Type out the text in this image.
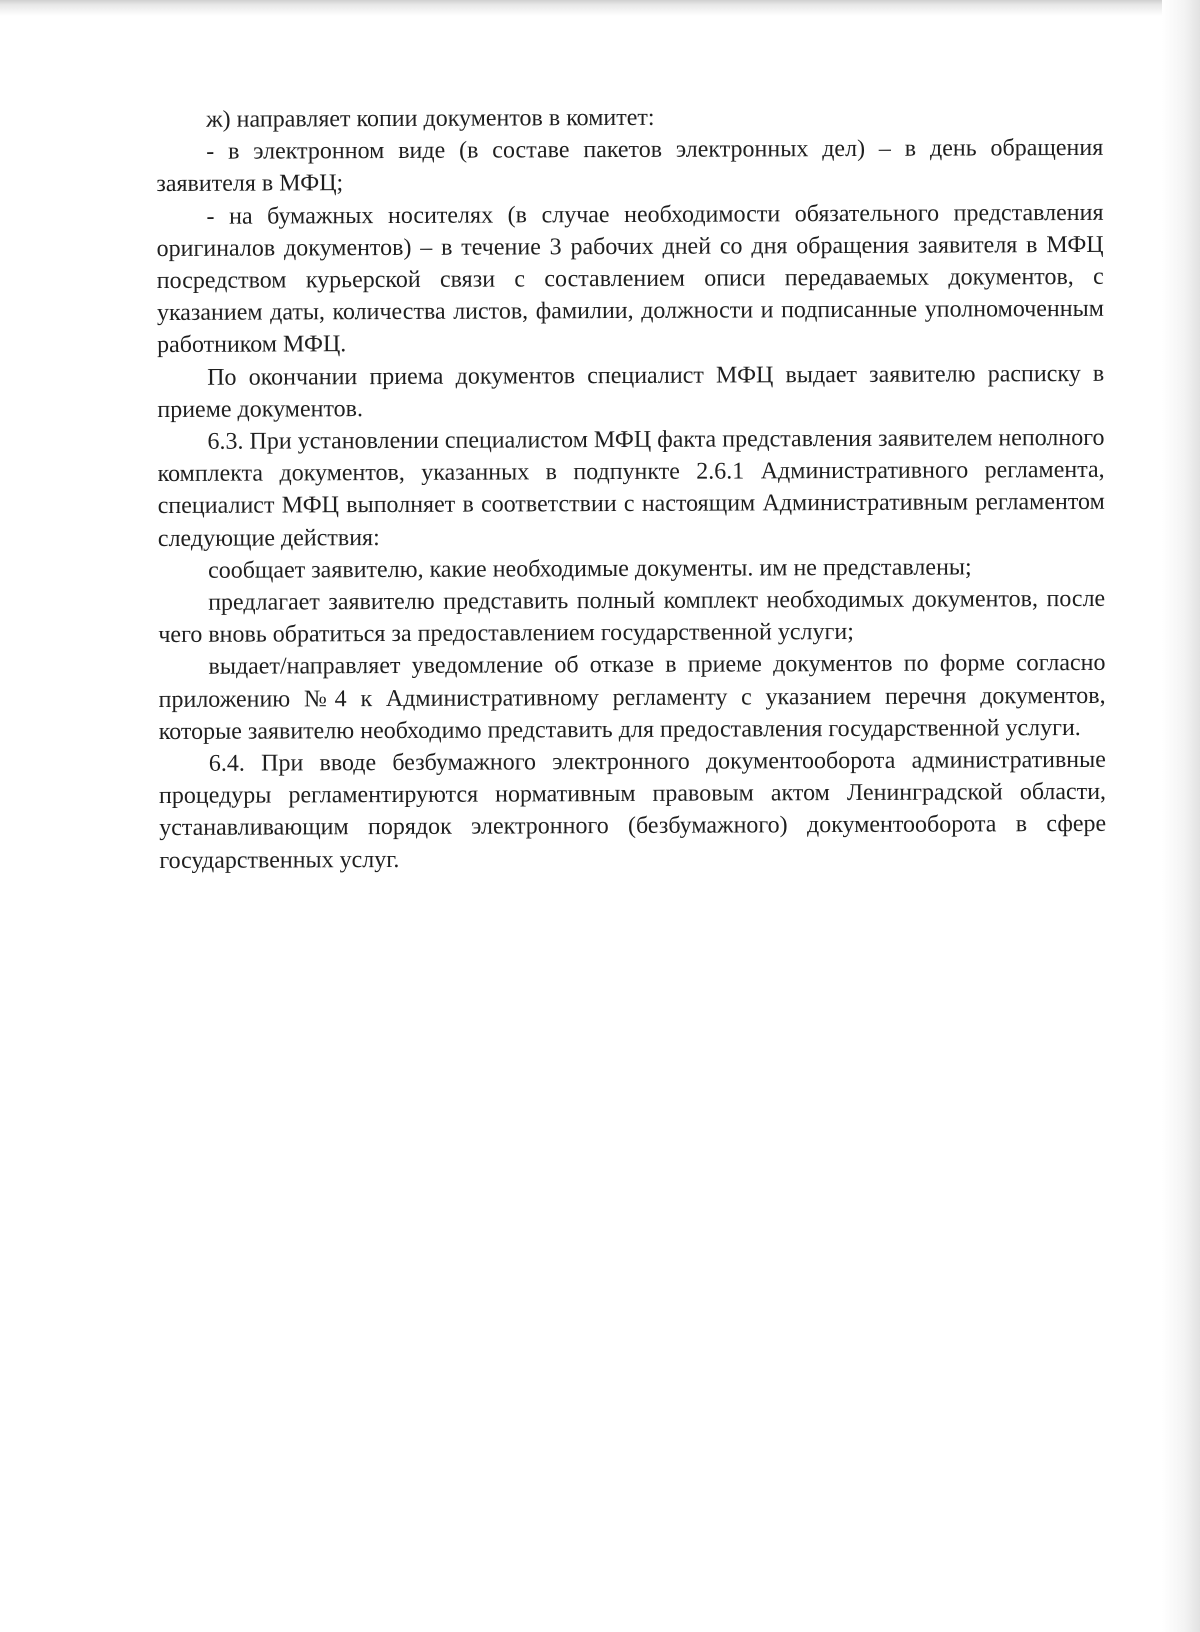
ж) направляет копии документов в комитет:

- в электронном виде (в составе пакетов электронных дел) – в день обращения заявителя в МФЦ;

- на бумажных носителях (в случае необходимости обязательного представления оригиналов документов) – в течение 3 рабочих дней со дня обращения заявителя в МФЦ посредством курьерской связи с составлением описи передаваемых документов, с указанием даты, количества листов, фамилии, должности и подписанные уполномоченным работником МФЦ.

По окончании приема документов специалист МФЦ выдает заявителю расписку в приеме документов.

6.3. При установлении специалистом МФЦ факта представления заявителем неполного комплекта документов, указанных в подпункте 2.6.1 Административного регламента, специалист МФЦ выполняет в соответствии с настоящим Административным регламентом следующие действия:

сообщает заявителю, какие необходимые документы. им не представлены;

предлагает заявителю представить полный комплект необходимых документов, после чего вновь обратиться за предоставлением государственной услуги;

выдает/направляет уведомление об отказе в приеме документов по форме согласно приложению №4 к Административному регламенту с указанием перечня документов, которые заявителю необходимо представить для предоставления государственной услуги.

6.4. При вводе безбумажного электронного документооборота административные процедуры регламентируются нормативным правовым актом Ленинградской области, устанавливающим порядок электронного (безбумажного) документооборота в сфере государственных услуг.
